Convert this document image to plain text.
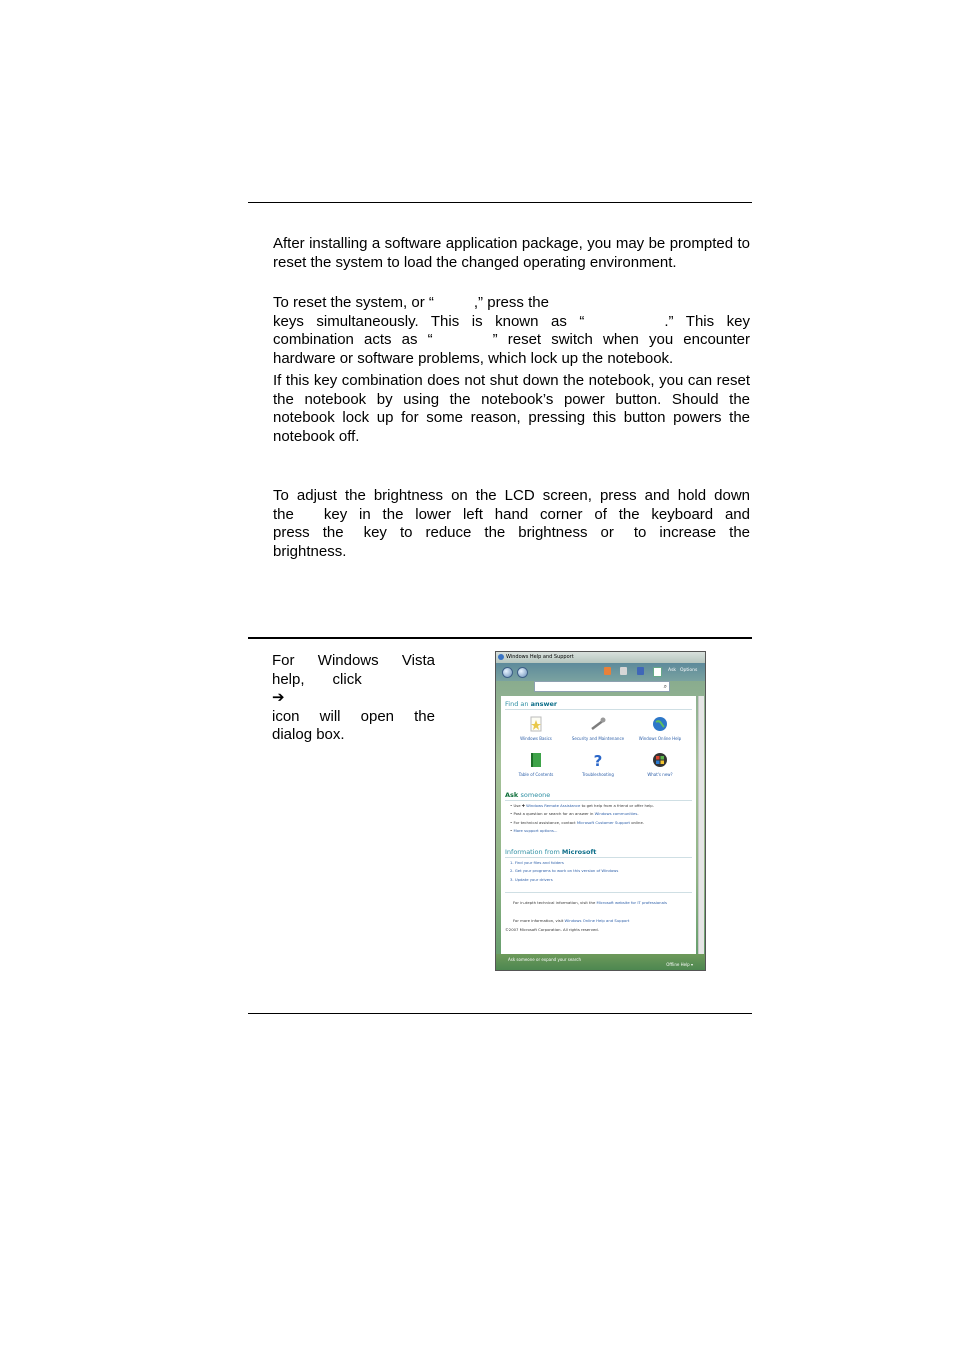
After installing a software application package, you may be prompted to reset the system to load the changed operating environment.

To reset the system, or “	,” press the
keys simultaneously. This is known as “	.” This key
combination acts as “	” reset switch when you encounter
hardware or software problems, which lock up the notebook.

If this key combination does not shut down the notebook, you can reset the notebook by using the notebook’s power button. Should the notebook lock up for some reason, pressing this button powers the notebook off.

To adjust the brightness on the LCD screen, press and hold down
the key in the lower left hand corner of the keyboard and
press the key to reduce the brightness or to increase the
brightness.

For Windows Vista
help, click
➔
icon will open the
dialog box.

Windows Help and Support
Ask Options
⌕
Find an answer
Windows Basics	Security and Maintenance	Windows Online Help
Table of Contents
?
Troubleshooting	What's new?
Ask someone
• Use ✚ Windows Remote Assistance to get help from a friend or offer help.
• Post a question or search for an answer in Windows communities.
• For technical assistance, contact Microsoft Customer Support online.
• More support options...
Information from Microsoft
1. Find your files and folders
2. Get your programs to work on this version of Windows
3. Update your drivers
For in-depth technical information, visit the Microsoft website for IT professionals
For more information, visit Windows Online Help and Support
©2007 Microsoft Corporation. All rights reserved.
Ask someone or expand your search
Offline Help ▾
